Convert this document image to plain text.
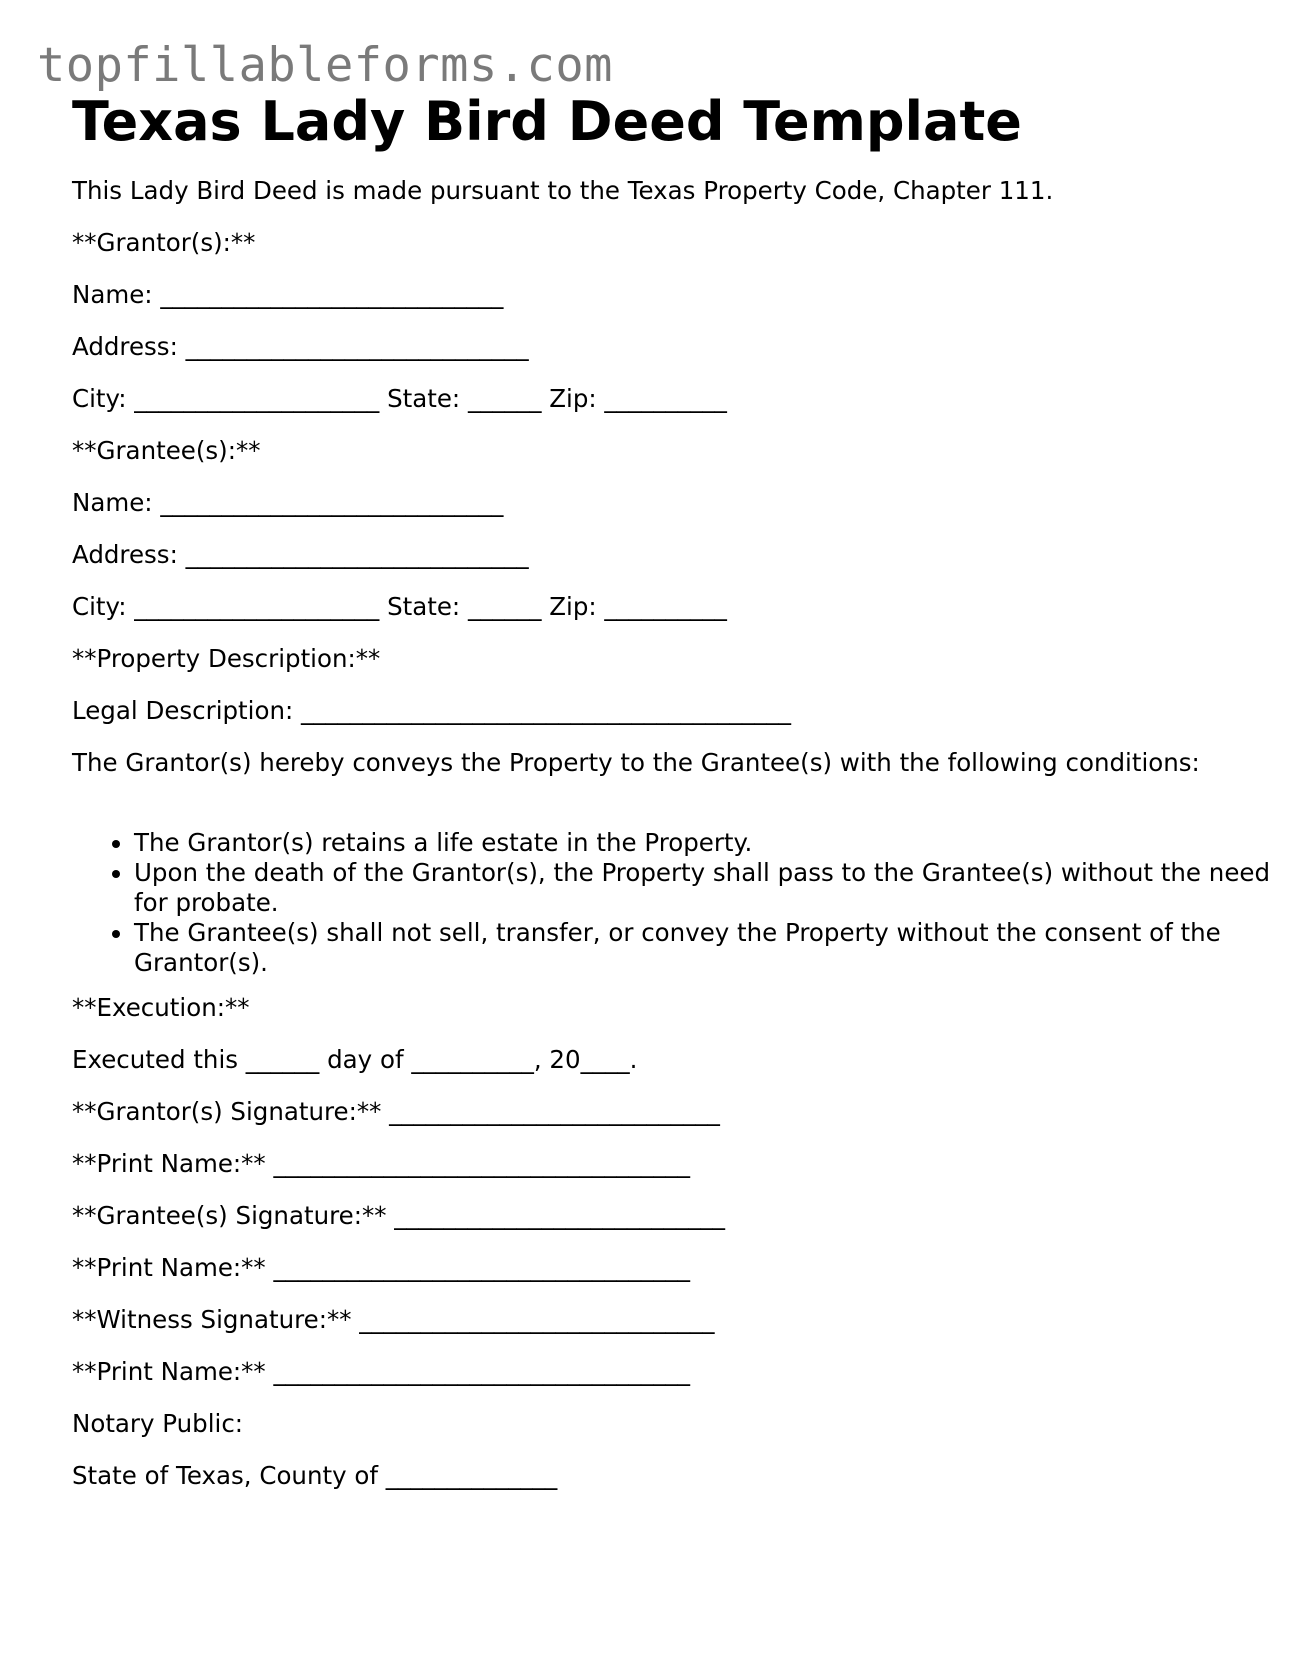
topfillableforms.com
Texas Lady Bird Deed Template

This Lady Bird Deed is made pursuant to the Texas Property Code, Chapter 111.

**Grantor(s):**

Name: ____________________________

Address: ____________________________

City: ____________________ State: ______ Zip: __________

**Grantee(s):**

Name: ____________________________

Address: ____________________________

City: ____________________ State: ______ Zip: __________

**Property Description:**

Legal Description: ________________________________________

The Grantor(s) hereby conveys the Property to the Grantee(s) with the following conditions:

• The Grantor(s) retains a life estate in the Property.
• Upon the death of the Grantor(s), the Property shall pass to the Grantee(s) without the need for probate.
• The Grantee(s) shall not sell, transfer, or convey the Property without the consent of the Grantor(s).

**Execution:**

Executed this ______ day of __________, 20____.

**Grantor(s) Signature:** ___________________________

**Print Name:** __________________________________

**Grantee(s) Signature:** ___________________________

**Print Name:** __________________________________

**Witness Signature:** _____________________________

**Print Name:** __________________________________

Notary Public:

State of Texas, County of ______________
